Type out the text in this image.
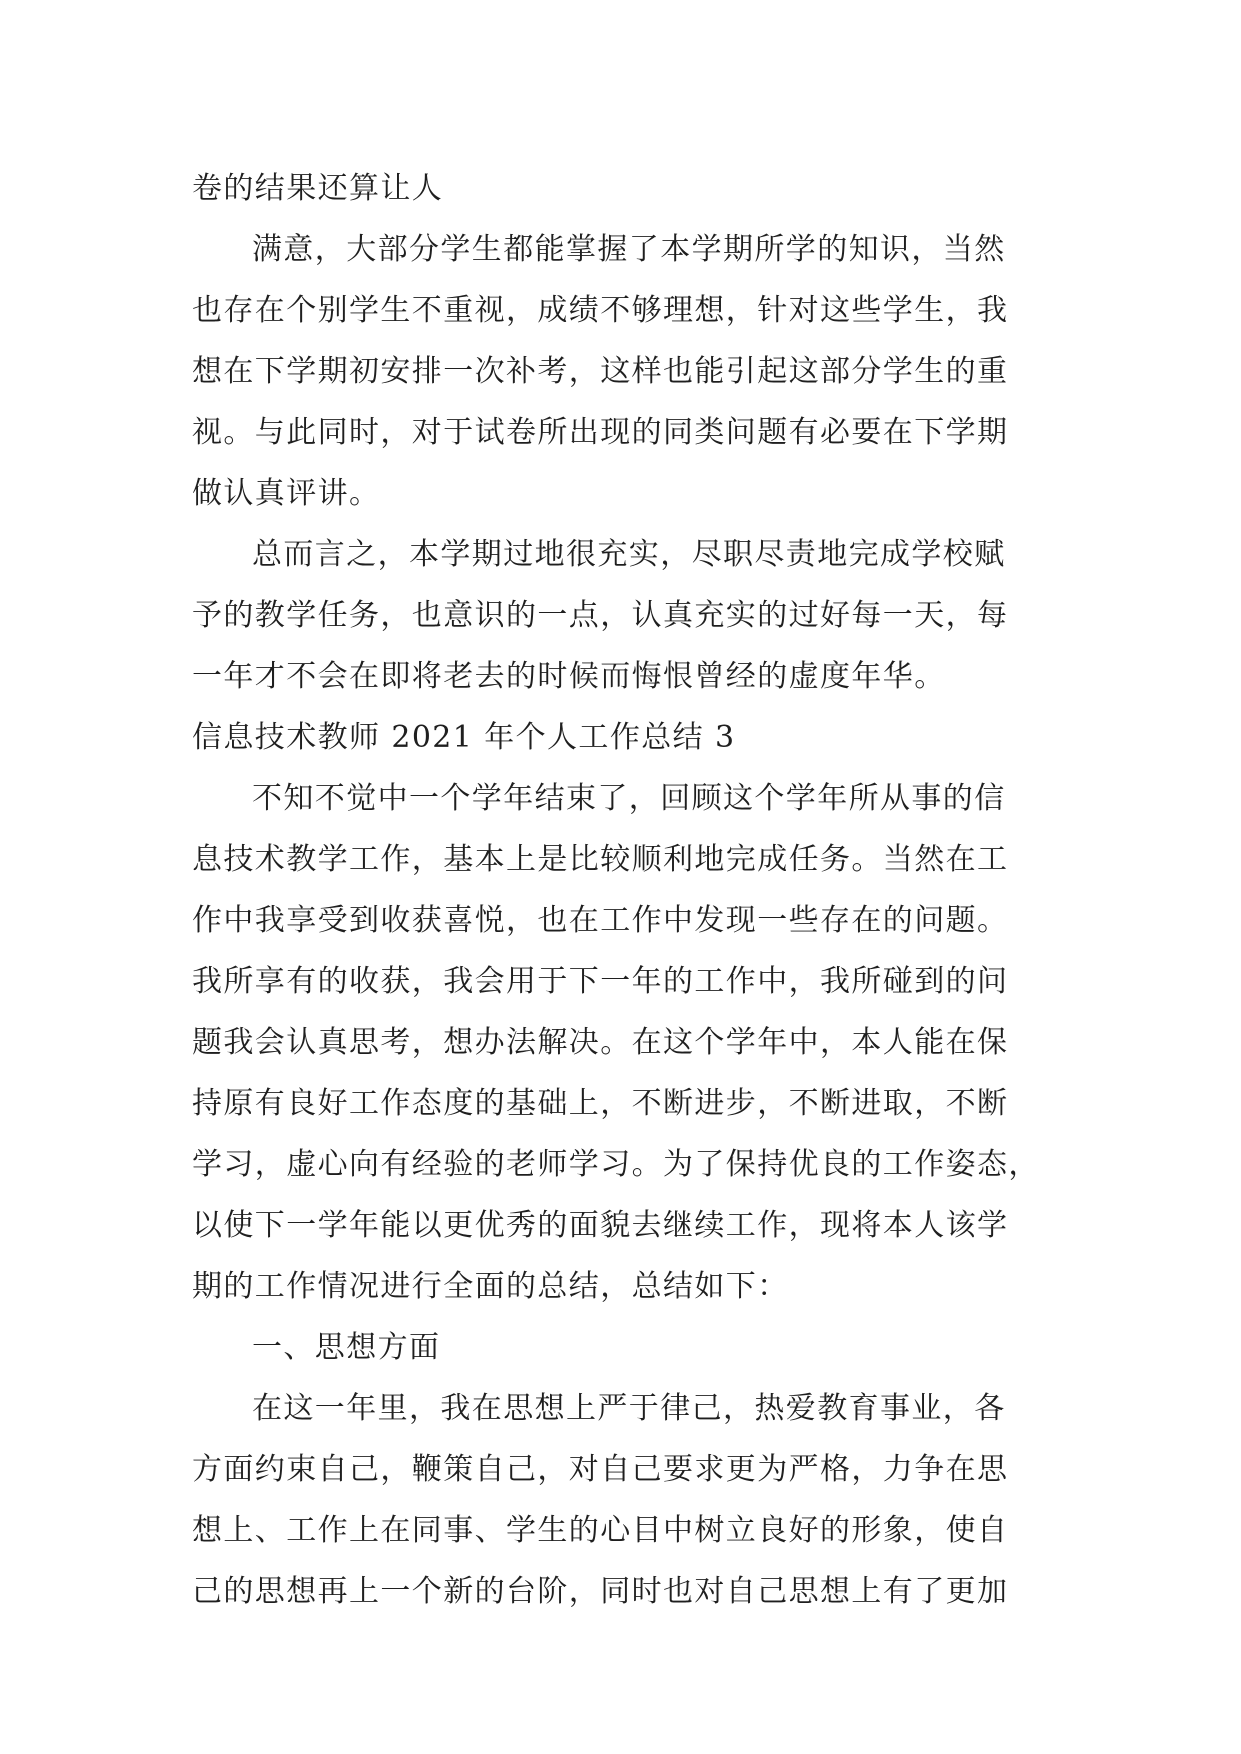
卷的结果还算让人
满意，大部分学生都能掌握了本学期所学的知识，当然
也存在个别学生不重视，成绩不够理想，针对这些学生，我
想在下学期初安排一次补考，这样也能引起这部分学生的重
视。与此同时，对于试卷所出现的同类问题有必要在下学期
做认真评讲。
总而言之，本学期过地很充实，尽职尽责地完成学校赋
予的教学任务，也意识的一点，认真充实的过好每一天，每
一年才不会在即将老去的时候而悔恨曾经的虚度年华。
信息技术教师 2021 年个人工作总结 3
不知不觉中一个学年结束了，回顾这个学年所从事的信
息技术教学工作，基本上是比较顺利地完成任务。当然在工
作中我享受到收获喜悦，也在工作中发现一些存在的问题。
我所享有的收获，我会用于下一年的工作中，我所碰到的问
题我会认真思考，想办法解决。在这个学年中，本人能在保
持原有良好工作态度的基础上，不断进步，不断进取，不断
学习，虚心向有经验的老师学习。为了保持优良的工作姿态，
以使下一学年能以更优秀的面貌去继续工作，现将本人该学
期的工作情况进行全面的总结，总结如下：
一、思想方面
在这一年里，我在思想上严于律己，热爱教育事业，各
方面约束自己，鞭策自己，对自己要求更为严格，力争在思
想上、工作上在同事、学生的心目中树立良好的形象，使自
己的思想再上一个新的台阶，同时也对自己思想上有了更加
